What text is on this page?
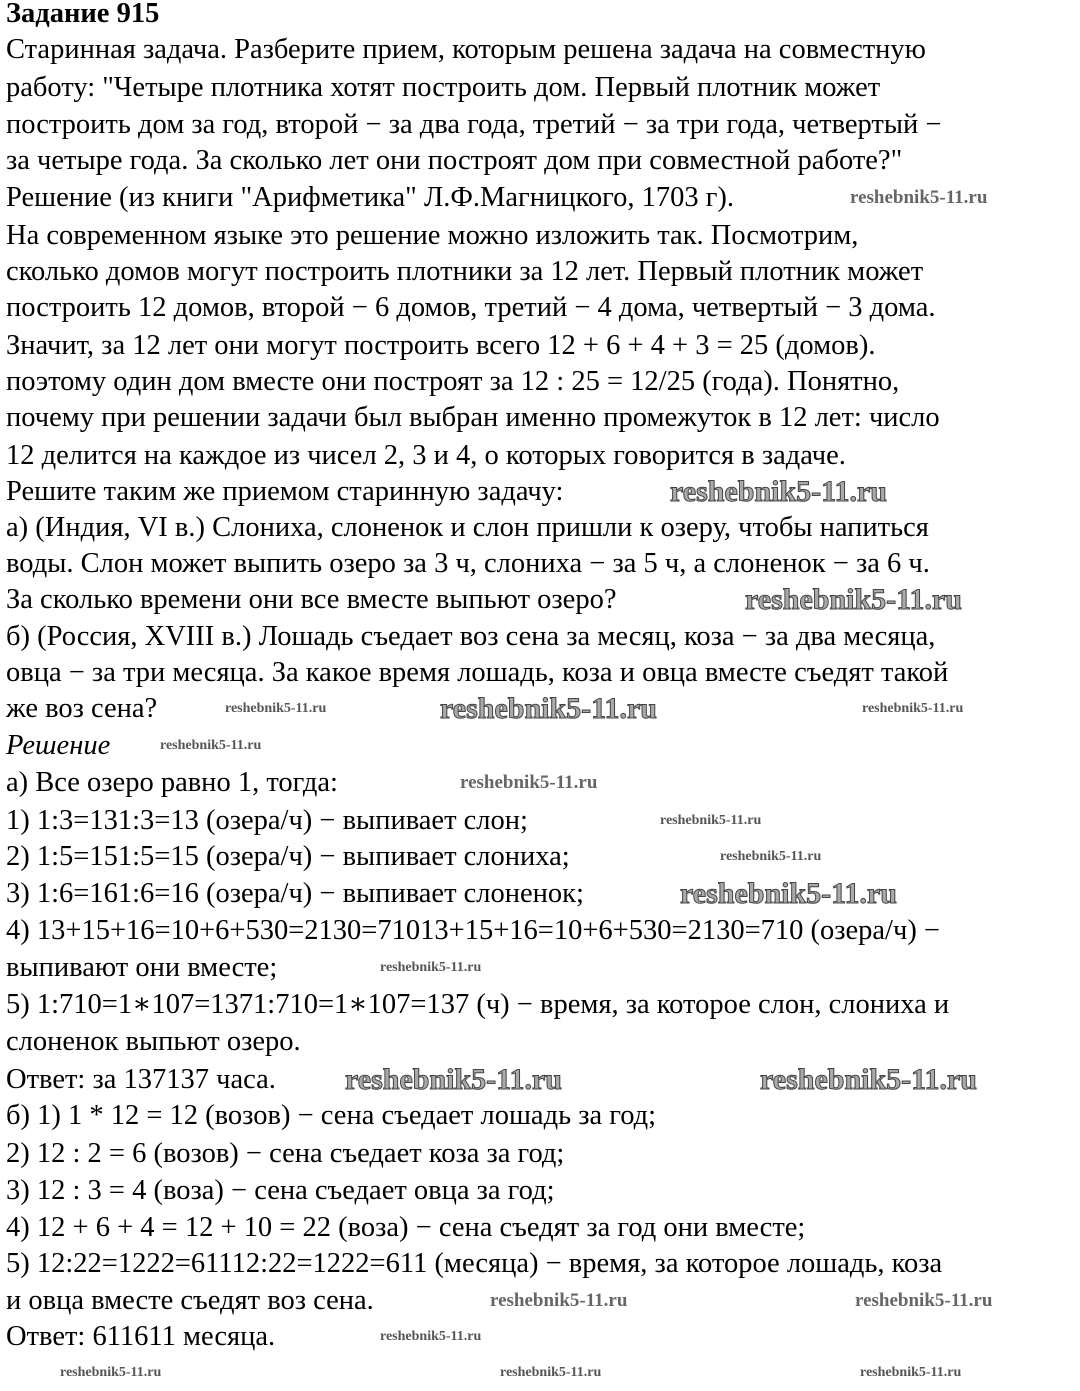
Задание 915
Старинная задача. Разберите прием, которым решена задача на совместную
работу: "Четыре плотника хотят построить дом. Первый плотник может
построить дом за год, второй − за два года, третий − за три года, четвертый −
за четыре года. За сколько лет они построят дом при совместной работе?"
Решение (из книги "Арифметика" Л.Ф.Магницкого, 1703 г).
На современном языке это решение можно изложить так. Посмотрим,
сколько домов могут построить плотники за 12 лет. Первый плотник может
построить 12 домов, второй − 6 домов, третий − 4 дома, четвертый − 3 дома.
Значит, за 12 лет они могут построить всего 12 + 6 + 4 + 3 = 25 (домов).
поэтому один дом вместе они построят за 12 : 25 = 12/25 (года). Понятно,
почему при решении задачи был выбран именно промежуток в 12 лет: число
12 делится на каждое из чисел 2, 3 и 4, о которых говорится в задаче.
Решите таким же приемом старинную задачу:
а) (Индия, VI в.) Слониха, слоненок и слон пришли к озеру, чтобы напиться
воды. Слон может выпить озеро за 3 ч, слониха − за 5 ч, а слоненок − за 6 ч.
За сколько времени они все вместе выпьют озеро?
б) (Россия, XVIII в.) Лошадь съедает воз сена за месяц, коза − за два месяца,
овца − за три месяца. За какое время лошадь, коза и овца вместе съедят такой
же воз сена?
Решение
а) Все озеро равно 1, тогда:
1) 1:3=131:3=13 (озера/ч) − выпивает слон;
2) 1:5=151:5=15 (озера/ч) − выпивает слониха;
3) 1:6=161:6=16 (озера/ч) − выпивает слоненок;
4) 13+15+16=10+6+530=2130=71013+15+16=10+6+530=2130=710 (озера/ч) −
выпивают они вместе;
5) 1:710=1∗107=1371:710=1∗107=137 (ч) − время, за которое слон, слониха и
слоненок выпьют озеро.
Ответ: за 137137 часа.
б) 1) 1 * 12 = 12 (возов) − сена съедает лошадь за год;
2) 12 : 2 = 6 (возов) − сена съедает коза за год;
3) 12 : 3 = 4 (воза) − сена съедает овца за год;
4) 12 + 6 + 4 = 12 + 10 = 22 (воза) − сена съедят за год они вместе;
5) 12:22=1222=61112:22=1222=611 (месяца) − время, за которое лошадь, коза
и овца вместе съедят воз сена.
Ответ: 611611 месяца.
reshebnik5-11.ru
reshebnik5-11.ru
reshebnik5-11.ru
reshebnik5-11.ru	reshebnik5-11.ru	reshebnik5-11.ru
reshebnik5-11.ru
reshebnik5-11.ru
reshebnik5-11.ru
reshebnik5-11.ru
reshebnik5-11.ru
reshebnik5-11.ru
reshebnik5-11.ru	reshebnik5-11.ru
reshebnik5-11.ru	reshebnik5-11.ru
reshebnik5-11.ru
reshebnik5-11.ru	reshebnik5-11.ru	reshebnik5-11.ru
